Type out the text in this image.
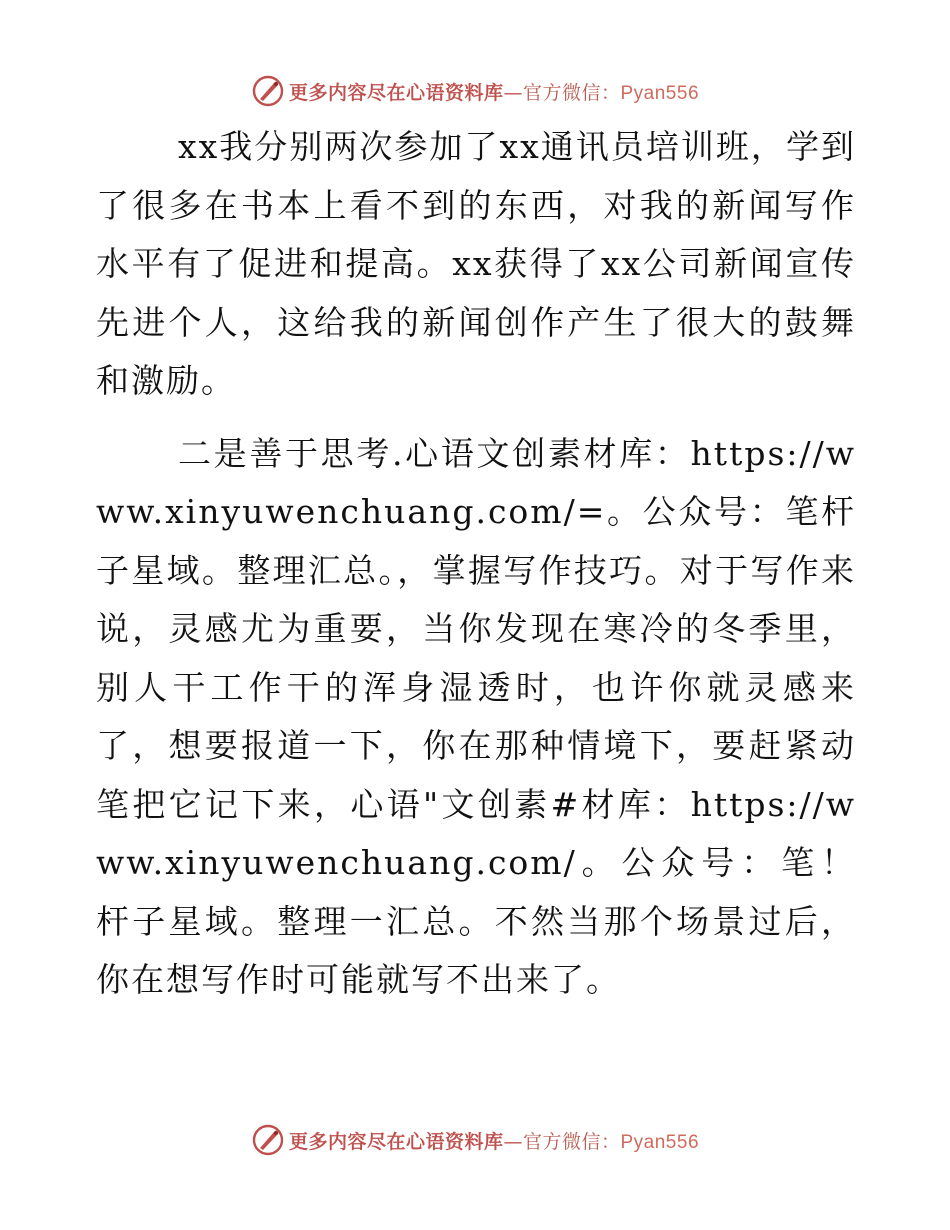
更多内容尽在心语资料库—官方微信：Pyan556

xx我分别两次参加了xx通讯员培训班，学到了很多在书本上看不到的东西，对我的新闻写作水平有了促进和提高。xx获得了xx公司新闻宣传先进个人，这给我的新闻创作产生了很大的鼓舞和激励。

二是善于思考.心语文创素材库：https://www.xinyuwenchuang.com/=。公众号：笔杆子星域。整理汇总。，掌握写作技巧。对于写作来说，灵感尤为重要，当你发现在寒冷的冬季里，别人干工作干的浑身湿透时，也许你就灵感来了，想要报道一下，你在那种情境下，要赶紧动笔把它记下来，心语"文创素#材库：https://www.xinyuwenchuang.com/。公众号：笔！杆子星域。整理一汇总。不然当那个场景过后，你在想写作时可能就写不出来了。

更多内容尽在心语资料库—官方微信：Pyan556
